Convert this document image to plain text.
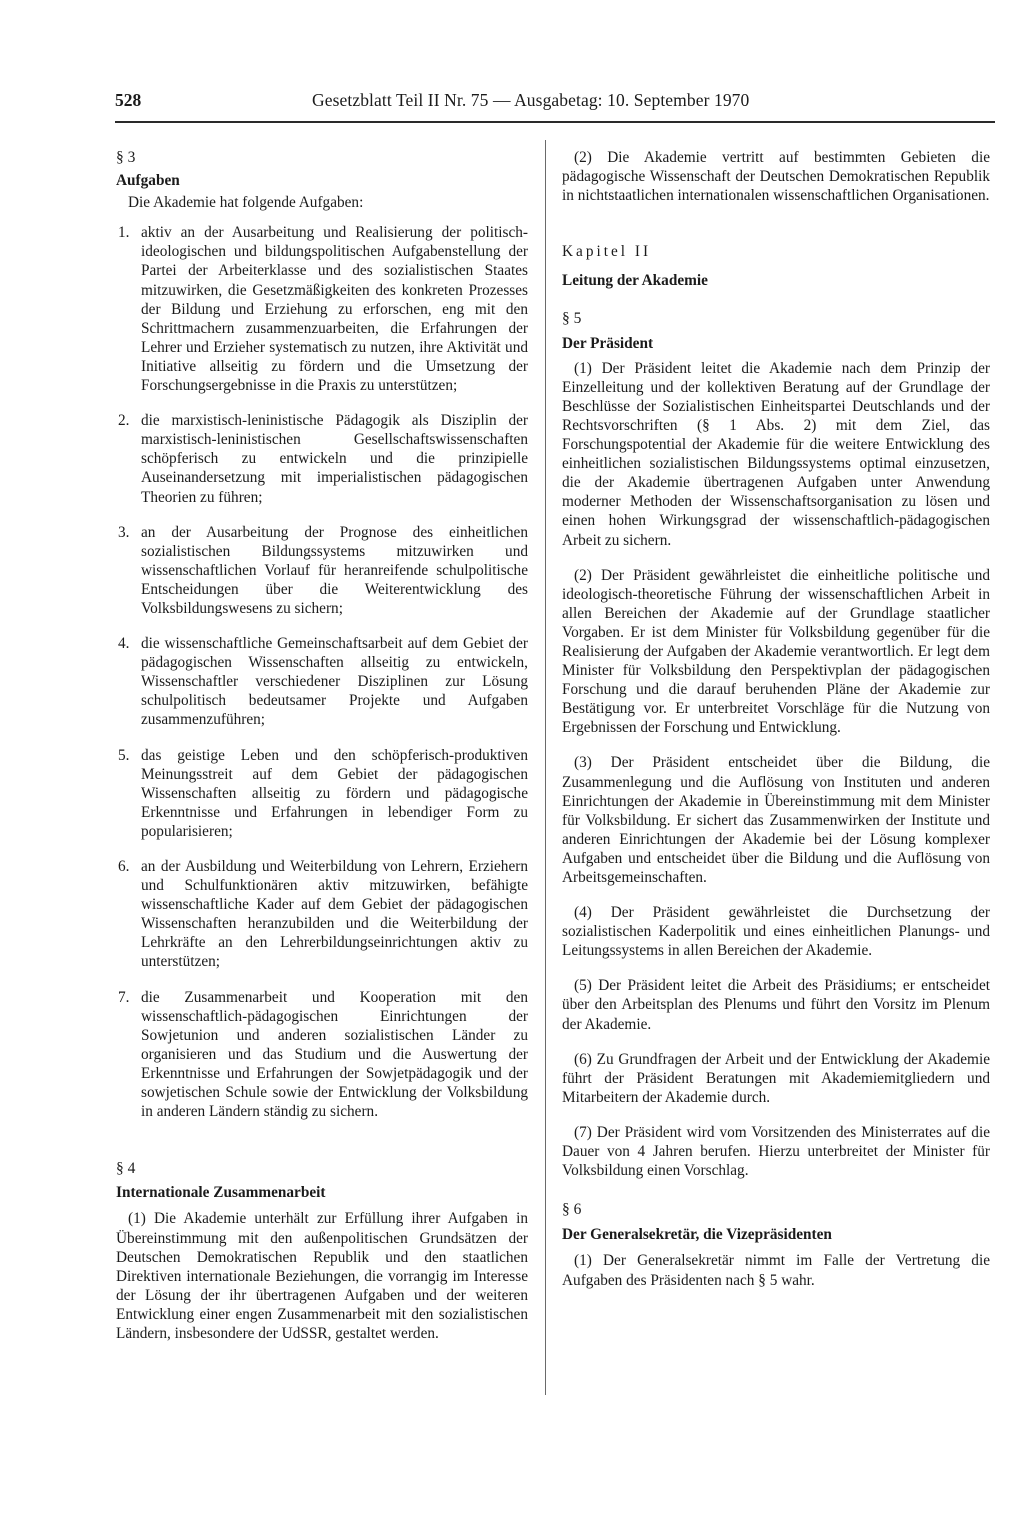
528	Gesetzblatt Teil II Nr. 75 — Ausgabetag: 10. September 1970

§ 3

Aufgaben

Die Akademie hat folgende Aufgaben:

1. aktiv an der Ausarbeitung und Realisierung der politisch-ideologischen und bildungspolitischen Aufgabenstellung der Partei der Arbeiterklasse und des sozialistischen Staates mitzuwirken, die Gesetzmäßigkeiten des konkreten Prozesses der Bildung und Erziehung zu erforschen, eng mit den Schrittmachern zusammenzuarbeiten, die Erfahrungen der Lehrer und Erzieher systematisch zu nutzen, ihre Aktivität und Initiative allseitig zu fördern und die Umsetzung der Forschungsergebnisse in die Praxis zu unterstützen;
2. die marxistisch-leninistische Pädagogik als Disziplin der marxistisch-leninistischen Gesellschaftswissenschaften schöpferisch zu entwickeln und die prinzipielle Auseinandersetzung mit imperialistischen pädagogischen Theorien zu führen;
3. an der Ausarbeitung der Prognose des einheitlichen sozialistischen Bildungssystems mitzuwirken und wissenschaftlichen Vorlauf für heranreifende schulpolitische Entscheidungen über die Weiterentwicklung des Volksbildungswesens zu sichern;
4. die wissenschaftliche Gemeinschaftsarbeit auf dem Gebiet der pädagogischen Wissenschaften allseitig zu entwickeln, Wissenschaftler verschiedener Disziplinen zur Lösung schulpolitisch bedeutsamer Projekte und Aufgaben zusammenzuführen;
5. das geistige Leben und den schöpferisch-produktiven Meinungsstreit auf dem Gebiet der pädagogischen Wissenschaften allseitig zu fördern und pädagogische Erkenntnisse und Erfahrungen in lebendiger Form zu popularisieren;
6. an der Ausbildung und Weiterbildung von Lehrern, Erziehern und Schulfunktionären aktiv mitzuwirken, befähigte wissenschaftliche Kader auf dem Gebiet der pädagogischen Wissenschaften heranzubilden und die Weiterbildung der Lehrkräfte an den Lehrerbildungseinrichtungen aktiv zu unterstützen;
7. die Zusammenarbeit und Kooperation mit den wissenschaftlich-pädagogischen Einrichtungen der Sowjetunion und anderen sozialistischen Länder zu organisieren und das Studium und die Auswertung der Erkenntnisse und Erfahrungen der Sowjetpädagogik und der sowjetischen Schule sowie der Entwicklung der Volksbildung in anderen Ländern ständig zu sichern.

§ 4

Internationale Zusammenarbeit

(1) Die Akademie unterhält zur Erfüllung ihrer Aufgaben in Übereinstimmung mit den außenpolitischen Grundsätzen der Deutschen Demokratischen Republik und den staatlichen Direktiven internationale Beziehungen, die vorrangig im Interesse der Lösung der ihr übertragenen Aufgaben und der weiteren Entwicklung einer engen Zusammenarbeit mit den sozialistischen Ländern, insbesondere der UdSSR, gestaltet werden.

(2) Die Akademie vertritt auf bestimmten Gebieten die pädagogische Wissenschaft der Deutschen Demokratischen Republik in nichtstaatlichen internationalen wissenschaftlichen Organisationen.

Kapitel II

Leitung der Akademie

§ 5

Der Präsident

(1) Der Präsident leitet die Akademie nach dem Prinzip der Einzelleitung und der kollektiven Beratung auf der Grundlage der Beschlüsse der Sozialistischen Einheitspartei Deutschlands und der Rechtsvorschriften (§ 1 Abs. 2) mit dem Ziel, das Forschungspotential der Akademie für die weitere Entwicklung des einheitlichen sozialistischen Bildungssystems optimal einzusetzen, die der Akademie übertragenen Aufgaben unter Anwendung moderner Methoden der Wissenschaftsorganisation zu lösen und einen hohen Wirkungsgrad der wissenschaftlich-pädagogischen Arbeit zu sichern.

(2) Der Präsident gewährleistet die einheitliche politische und ideologisch-theoretische Führung der wissenschaftlichen Arbeit in allen Bereichen der Akademie auf der Grundlage staatlicher Vorgaben. Er ist dem Minister für Volksbildung gegenüber für die Realisierung der Aufgaben der Akademie verantwortlich. Er legt dem Minister für Volksbildung den Perspektivplan der pädagogischen Forschung und die darauf beruhenden Pläne der Akademie zur Bestätigung vor. Er unterbreitet Vorschläge für die Nutzung von Ergebnissen der Forschung und Entwicklung.

(3) Der Präsident entscheidet über die Bildung, die Zusammenlegung und die Auflösung von Instituten und anderen Einrichtungen der Akademie in Übereinstimmung mit dem Minister für Volksbildung. Er sichert das Zusammenwirken der Institute und anderen Einrichtungen der Akademie bei der Lösung komplexer Aufgaben und entscheidet über die Bildung und die Auflösung von Arbeitsgemeinschaften.

(4) Der Präsident gewährleistet die Durchsetzung der sozialistischen Kaderpolitik und eines einheitlichen Planungs- und Leitungssystems in allen Bereichen der Akademie.

(5) Der Präsident leitet die Arbeit des Präsidiums; er entscheidet über den Arbeitsplan des Plenums und führt den Vorsitz im Plenum der Akademie.

(6) Zu Grundfragen der Arbeit und der Entwicklung der Akademie führt der Präsident Beratungen mit Akademiemitgliedern und Mitarbeitern der Akademie durch.

(7) Der Präsident wird vom Vorsitzenden des Ministerrates auf die Dauer von 4 Jahren berufen. Hierzu unterbreitet der Minister für Volksbildung einen Vorschlag.

§ 6

Der Generalsekretär, die Vizepräsidenten

(1) Der Generalsekretär nimmt im Falle der Vertretung die Aufgaben des Präsidenten nach § 5 wahr.
